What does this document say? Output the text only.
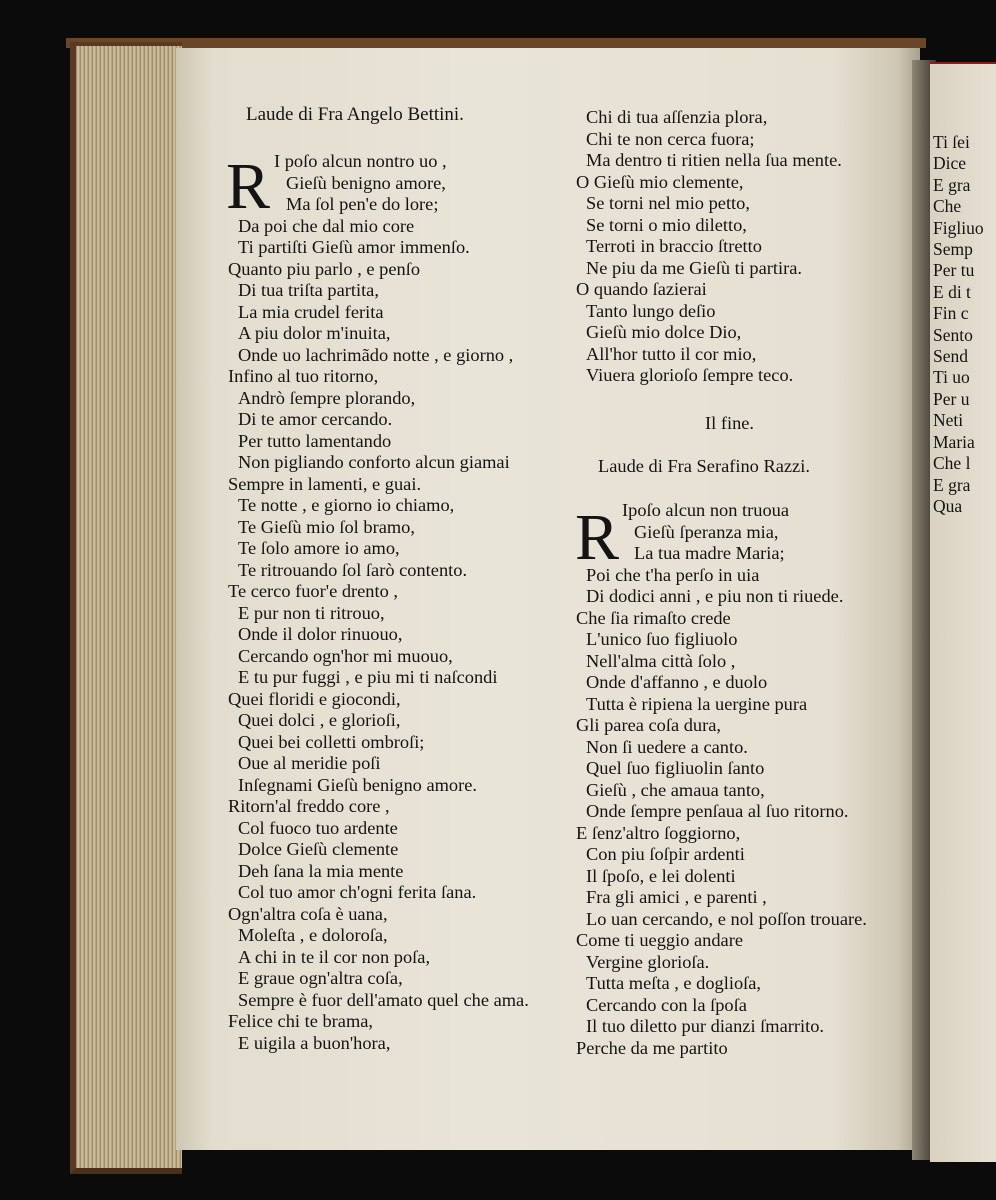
Ti ſei
Dice
E gra
Che
Figliuo
Semp
Per tu
E di t
Fin c
Sento
Send
Ti uo
Per u
Neti
Maria
Che l
E gra
Qua
Laude di Fra Angelo Bettini.
R I poſo alcun nontro uo ,
Gieſù benigno amore,
Ma ſol pen'e do lore;
Da poi che dal mio core
Ti partiſti Gieſù amor immenſo.
Quanto piu parlo , e penſo
Di tua triſta partita,
La mia crudel ferita
A piu dolor m'inuita,
Onde uo lachrimãdo notte , e giorno ,
Infino al tuo ritorno,
Andrò ſempre plorando,
Di te amor cercando.
Per tutto lamentando
Non pigliando conforto alcun giamai
Sempre in lamenti, e guai.
Te notte , e giorno io chiamo,
Te Gieſù mio ſol bramo,
Te ſolo amore io amo,
Te ritrouando ſol ſarò contento.
Te cerco fuor'e drento ,
E pur non ti ritrouo,
Onde il dolor rinuouo,
Cercando ogn'hor mi muouo,
E tu pur fuggi , e piu mi ti naſcondi
Quei floridi e giocondi,
Quei dolci , e glorioſi,
Quei bei colletti ombroſi;
Oue al meridie poſi
Inſegnami Gieſù benigno amore.
Ritorn'al freddo core ,
Col fuoco tuo ardente
Dolce Gieſù clemente
Deh ſana la mia mente
Col tuo amor ch'ogni ferita ſana.
Ogn'altra coſa è uana,
Moleſta , e doloroſa,
A chi in te il cor non poſa,
E graue ogn'altra coſa,
Sempre è fuor dell'amato quel che ama.
Felice chi te brama,
E uigila a buon'hora,
Chi di tua aſſenzia plora,
Chi te non cerca fuora;
Ma dentro ti ritien nella ſua mente.
O Gieſù mio clemente,
Se torni nel mio petto,
Se torni o mio diletto,
Terroti in braccio ſtretto
Ne piu da me Gieſù ti partira.
O quando ſazierai
Tanto lungo deſio
Gieſù mio dolce Dio,
All'hor tutto il cor mio,
Viuera glorioſo ſempre teco.
Il fine.
Laude di Fra Serafino Razzi.
R Ipoſo alcun non truoua
Gieſù ſperanza mia,
La tua madre Maria;
Poi che t'ha perſo in uia
Di dodici anni , e piu non ti riuede.
Che ſia rimaſto crede
L'unico ſuo figliuolo
Nell'alma città ſolo ,
Onde d'affanno , e duolo
Tutta è ripiena la uergine pura
Gli parea coſa dura,
Non ſi uedere a canto.
Quel ſuo figliuolin ſanto
Gieſù , che amaua tanto,
Onde ſempre penſaua al ſuo ritorno.
E ſenz'altro ſoggiorno,
Con piu ſoſpir ardenti
Il ſpoſo, e lei dolenti
Fra gli amici , e parenti ,
Lo uan cercando, e nol poſſon trouare.
Come ti ueggio andare
Vergine glorioſa.
Tutta meſta , e doglioſa,
Cercando con la ſpoſa
Il tuo diletto pur dianzi ſmarrito.
Perche da me partito
